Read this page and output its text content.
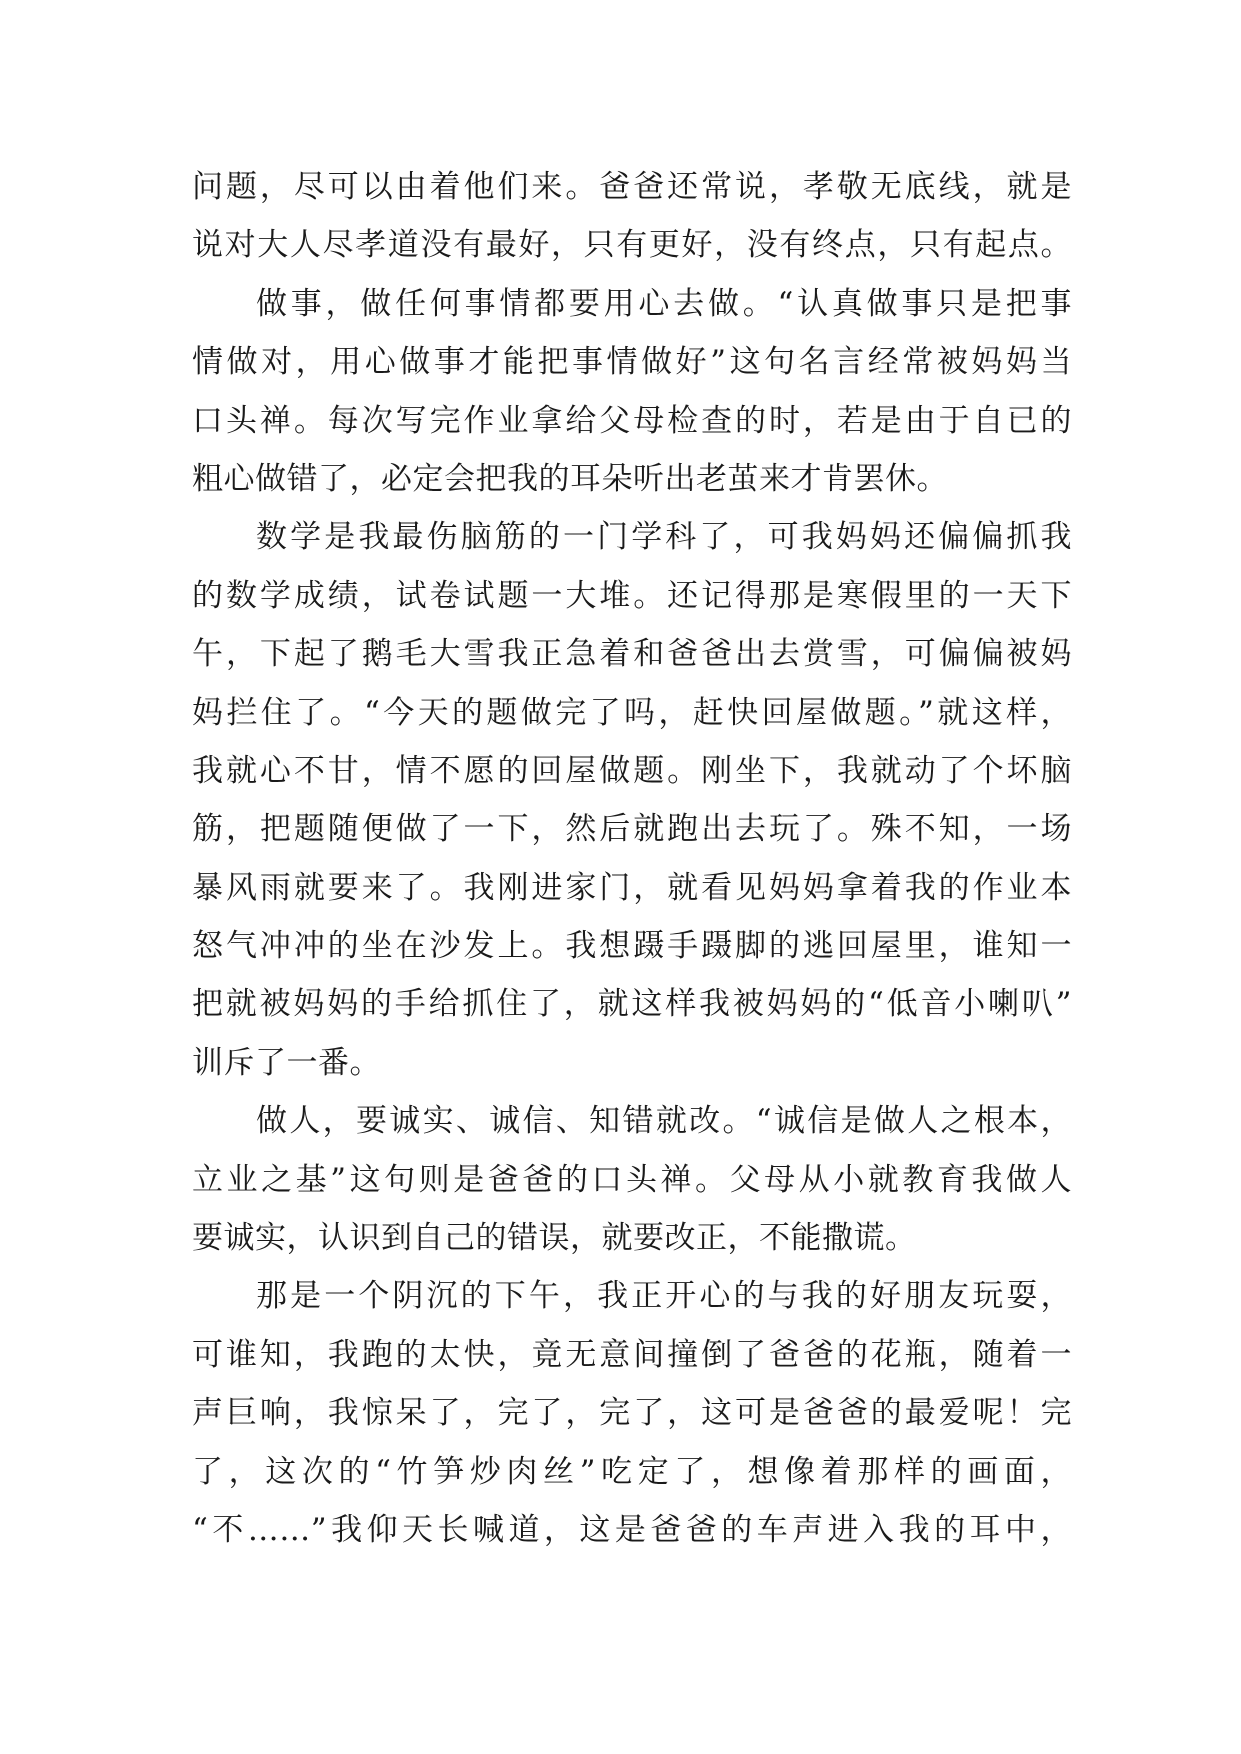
问题，尽可以由着他们来。爸爸还常说，孝敬无底线，就是
说对大人尽孝道没有最好，只有更好，没有终点，只有起点。
做事，做任何事情都要用心去做。“认真做事只是把事
情做对，用心做事才能把事情做好”这句名言经常被妈妈当
口头禅。每次写完作业拿给父母检查的时，若是由于自已的
粗心做错了，必定会把我的耳朵听出老茧来才肯罢休。
数学是我最伤脑筋的一门学科了，可我妈妈还偏偏抓我
的数学成绩，试卷试题一大堆。还记得那是寒假里的一天下
午，下起了鹅毛大雪我正急着和爸爸出去赏雪，可偏偏被妈
妈拦住了。“今天的题做完了吗，赶快回屋做题。”就这样，
我就心不甘，情不愿的回屋做题。刚坐下，我就动了个坏脑
筋，把题随便做了一下，然后就跑出去玩了。殊不知，一场
暴风雨就要来了。我刚进家门，就看见妈妈拿着我的作业本
怒气冲冲的坐在沙发上。我想蹑手蹑脚的逃回屋里，谁知一
把就被妈妈的手给抓住了，就这样我被妈妈的“低音小喇叭”
训斥了一番。
做人，要诚实、诚信、知错就改。“诚信是做人之根本，
立业之基”这句则是爸爸的口头禅。父母从小就教育我做人
要诚实，认识到自己的错误，就要改正，不能撒谎。
那是一个阴沉的下午，我正开心的与我的好朋友玩耍，
可谁知，我跑的太快，竟无意间撞倒了爸爸的花瓶，随着一
声巨响，我惊呆了，完了，完了，这可是爸爸的最爱呢！完
了，这次的“竹笋炒肉丝”吃定了，想像着那样的画面，
“不……”我仰天长喊道，这是爸爸的车声进入我的耳中，
